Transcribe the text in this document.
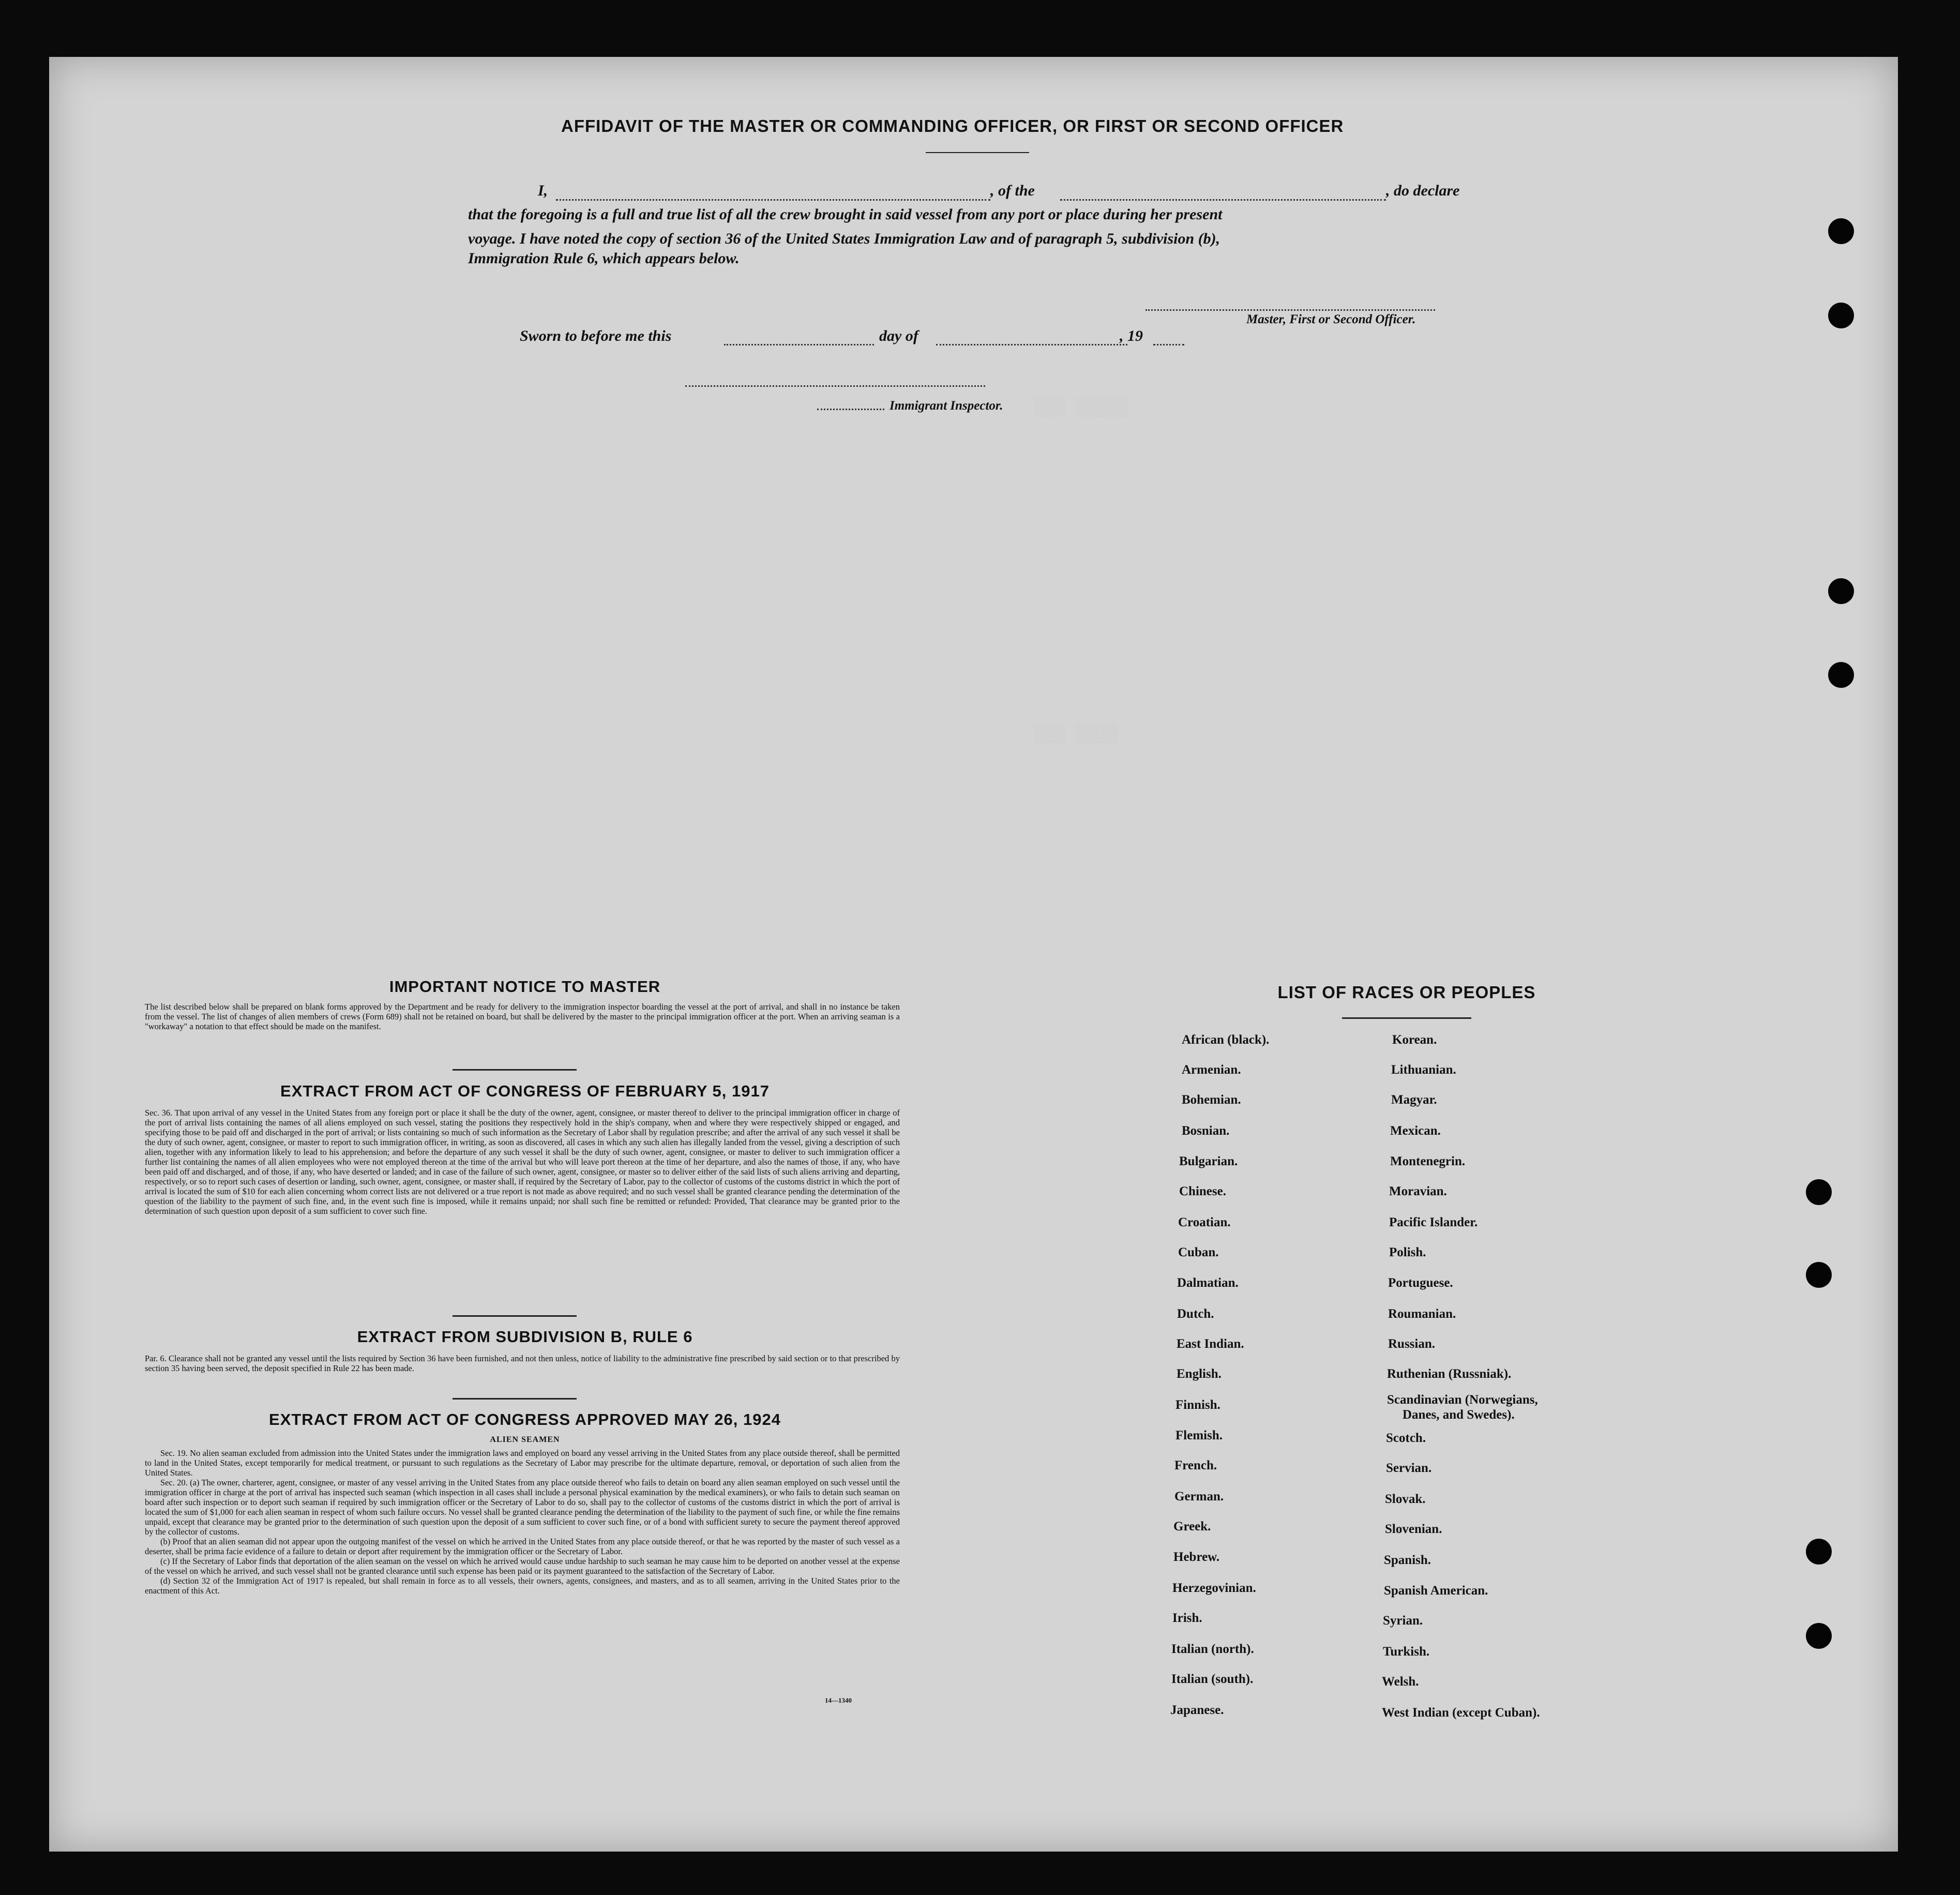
░░░ ░░░░░
░░░ ░░░░
AFFIDAVIT OF THE MASTER OR COMMANDING OFFICER, OR FIRST OR SECOND OFFICER
I,	, of the	, do declare
that the foregoing is a full and true list of all the crew brought in said vessel from any port or place during her present
voyage. I have noted the copy of section 36 of the United States Immigration Law and of paragraph 5, subdivision (b),
Immigration Rule 6, which appears below.
Master, First or Second Officer.
Sworn to before me this	day of	, 19
Immigrant Inspector.
IMPORTANT NOTICE TO MASTER
The list described below shall be prepared on blank forms approved by the Department and be ready for delivery to the immigration inspector boarding the vessel at the port of arrival, and shall in no instance be taken from the vessel. The list of changes of alien members of crews (Form 689) shall not be retained on board, but shall be delivered by the master to the principal immigration officer at the port. When an arriving seaman is a "workaway" a notation to that effect should be made on the manifest.
EXTRACT FROM ACT OF CONGRESS OF FEBRUARY 5, 1917
Sec. 36. That upon arrival of any vessel in the United States from any foreign port or place it shall be the duty of the owner, agent, consignee, or master thereof to deliver to the principal immigration officer in charge of the port of arrival lists containing the names of all aliens employed on such vessel, stating the positions they respectively hold in the ship's company, when and where they were respectively shipped or engaged, and specifying those to be paid off and discharged in the port of arrival; or lists containing so much of such information as the Secretary of Labor shall by regulation prescribe; and after the arrival of any such vessel it shall be the duty of such owner, agent, consignee, or master to report to such immigration officer, in writing, as soon as discovered, all cases in which any such alien has illegally landed from the vessel, giving a description of such alien, together with any information likely to lead to his apprehension; and before the departure of any such vessel it shall be the duty of such owner, agent, consignee, or master to deliver to such immigration officer a further list containing the names of all alien employees who were not employed thereon at the time of the arrival but who will leave port thereon at the time of her departure, and also the names of those, if any, who have been paid off and discharged, and of those, if any, who have deserted or landed; and in case of the failure of such owner, agent, consignee, or master so to deliver either of the said lists of such aliens arriving and departing, respectively, or so to report such cases of desertion or landing, such owner, agent, consignee, or master shall, if required by the Secretary of Labor, pay to the collector of customs of the customs district in which the port of arrival is located the sum of $10 for each alien concerning whom correct lists are not delivered or a true report is not made as above required; and no such vessel shall be granted clearance pending the determination of the question of the liability to the payment of such fine, and, in the event such fine is imposed, while it remains unpaid; nor shall such fine be remitted or refunded: Provided, That clearance may be granted prior to the determination of such question upon deposit of a sum sufficient to cover such fine.
EXTRACT FROM SUBDIVISION B, RULE 6
Par. 6. Clearance shall not be granted any vessel until the lists required by Section 36 have been furnished, and not then unless, notice of liability to the administrative fine prescribed by said section or to that prescribed by section 35 having been served, the deposit specified in Rule 22 has been made.
EXTRACT FROM ACT OF CONGRESS APPROVED MAY 26, 1924
ALIEN SEAMEN

Sec. 19. No alien seaman excluded from admission into the United States under the immigration laws and employed on board any vessel arriving in the United States from any place outside thereof, shall be permitted to land in the United States, except temporarily for medical treatment, or pursuant to such regulations as the Secretary of Labor may prescribe for the ultimate departure, removal, or deportation of such alien from the United States.

Sec. 20. (a) The owner, charterer, agent, consignee, or master of any vessel arriving in the United States from any place outside thereof who fails to detain on board any alien seaman employed on such vessel until the immigration officer in charge at the port of arrival has inspected such seaman (which inspection in all cases shall include a personal physical examination by the medical examiners), or who fails to detain such seaman on board after such inspection or to deport such seaman if required by such immigration officer or the Secretary of Labor to do so, shall pay to the collector of customs of the customs district in which the port of arrival is located the sum of $1,000 for each alien seaman in respect of whom such failure occurs. No vessel shall be granted clearance pending the determination of the liability to the payment of such fine, or while the fine remains unpaid, except that clearance may be granted prior to the determination of such question upon the deposit of a sum sufficient to cover such fine, or of a bond with sufficient surety to secure the payment thereof approved by the collector of customs.

(b) Proof that an alien seaman did not appear upon the outgoing manifest of the vessel on which he arrived in the United States from any place outside thereof, or that he was reported by the master of such vessel as a deserter, shall be prima facie evidence of a failure to detain or deport after requirement by the immigration officer or the Secretary of Labor.

(c) If the Secretary of Labor finds that deportation of the alien seaman on the vessel on which he arrived would cause undue hardship to such seaman he may cause him to be deported on another vessel at the expense of the vessel on which he arrived, and such vessel shall not be granted clearance until such expense has been paid or its payment guaranteed to the satisfaction of the Secretary of Labor.

(d) Section 32 of the Immigration Act of 1917 is repealed, but shall remain in force as to all vessels, their owners, agents, consignees, and masters, and as to all seamen, arriving in the United States prior to the enactment of this Act.

14—1340
LIST OF RACES OR PEOPLES
African (black).
Armenian.
Bohemian.
Bosnian.
Bulgarian.
Chinese.
Croatian.
Cuban.
Dalmatian.
Dutch.
East Indian.
English.
Finnish.
Flemish.
French.
German.
Greek.
Hebrew.
Herzegovinian.
Irish.
Italian (north).
Italian (south).
Japanese.
Korean.
Lithuanian.
Magyar.
Mexican.
Montenegrin.
Moravian.
Pacific Islander.
Polish.
Portuguese.
Roumanian.
Russian.
Ruthenian (Russniak).
Scandinavian (Norwegians,
Danes, and Swedes).
Scotch.
Servian.
Slovak.
Slovenian.
Spanish.
Spanish American.
Syrian.
Turkish.
Welsh.
West Indian (except Cuban).
